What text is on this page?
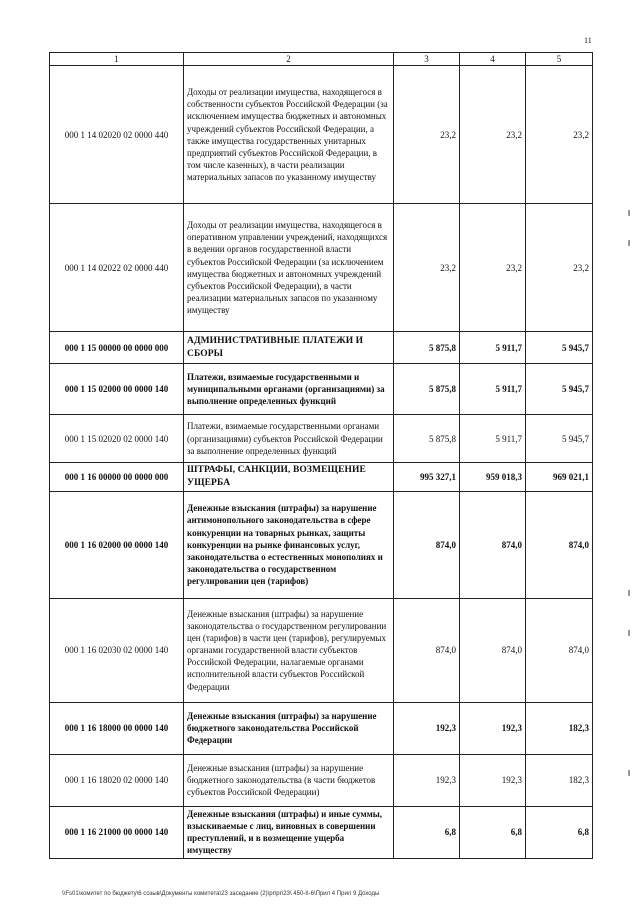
11
1	2	3	4	5
000 1 14 02020 02 0000 440	Доходы от реализации имущества, находящегося в собственности субъектов Российской Федерации (за исключением имущества бюджетных и автономных учреждений субъектов Российской Федерации, а также имущества государственных унитарных предприятий субъектов Российской Федерации, в том числе казенных), в части реализации материальных запасов по указанному имуществу	23,2	23,2	23,2
000 1 14 02022 02 0000 440	Доходы от реализации имущества, находящегося в оперативном управлении учреждений, находящихся в ведении органов государственной власти субъектов Российской Федерации (за исключением имущества бюджетных и автономных учреждений субъектов Российской Федерации), в части реализации материальных запасов по указанному имуществу	23,2	23,2	23,2
000 1 15 00000 00 0000 000	АДМИНИСТРАТИВНЫЕ ПЛАТЕЖИ И СБОРЫ	5 875,8	5 911,7	5 945,7
000 1 15 02000 00 0000 140	Платежи, взимаемые государственными и муниципальными органами (организациями) за выполнение определенных функций	5 875,8	5 911,7	5 945,7
000 1 15 02020 02 0000 140	Платежи, взимаемые государственными органами (организациями) субъектов Российской Федерации за выполнение определенных функций	5 875,8	5 911,7	5 945,7
000 1 16 00000 00 0000 000	ШТРАФЫ, САНКЦИИ, ВОЗМЕЩЕНИЕ УЩЕРБА	995 327,1	959 018,3	969 021,1
000 1 16 02000 00 0000 140	Денежные взыскания (штрафы) за нарушение антимонопольного законодательства в сфере конкуренции на товарных рынках, защиты конкуренции на рынке финансовых услуг, законодательства о естественных монополиях и законодательства о государственном регулировании цен (тарифов)	874,0	874,0	874,0
000 1 16 02030 02 0000 140	Денежные взыскания (штрафы) за нарушение законодательства о государственном регулировании цен (тарифов) в части цен (тарифов), регулируемых органами государственной власти субъектов Российской Федерации, налагаемые органами исполнительной власти субъектов Российской Федерации	874,0	874,0	874,0
000 1 16 18000 00 0000 140	Денежные взыскания (штрафы) за нарушение бюджетного законодательства Российской Федерации	192,3	192,3	182,3
000 1 16 18020 02 0000 140	Денежные взыскания (штрафы) за нарушение бюджетного законодательства (в части бюджетов субъектов Российской Федерации)	192,3	192,3	182,3
000 1 16 21000 00 0000 140	Денежные взыскания (штрафы) и иные суммы, взыскиваемые с лиц, виновных в совершении преступлений, и в возмещение ущерба имуществу	6,8	6,8	6,8
\\Fs01\комитет по бюджету\6 созыв\Документы комитета\23 заседание (2)\pr\pr\23\ 450-II-6\Прил 4 Прил 9 Доходы
